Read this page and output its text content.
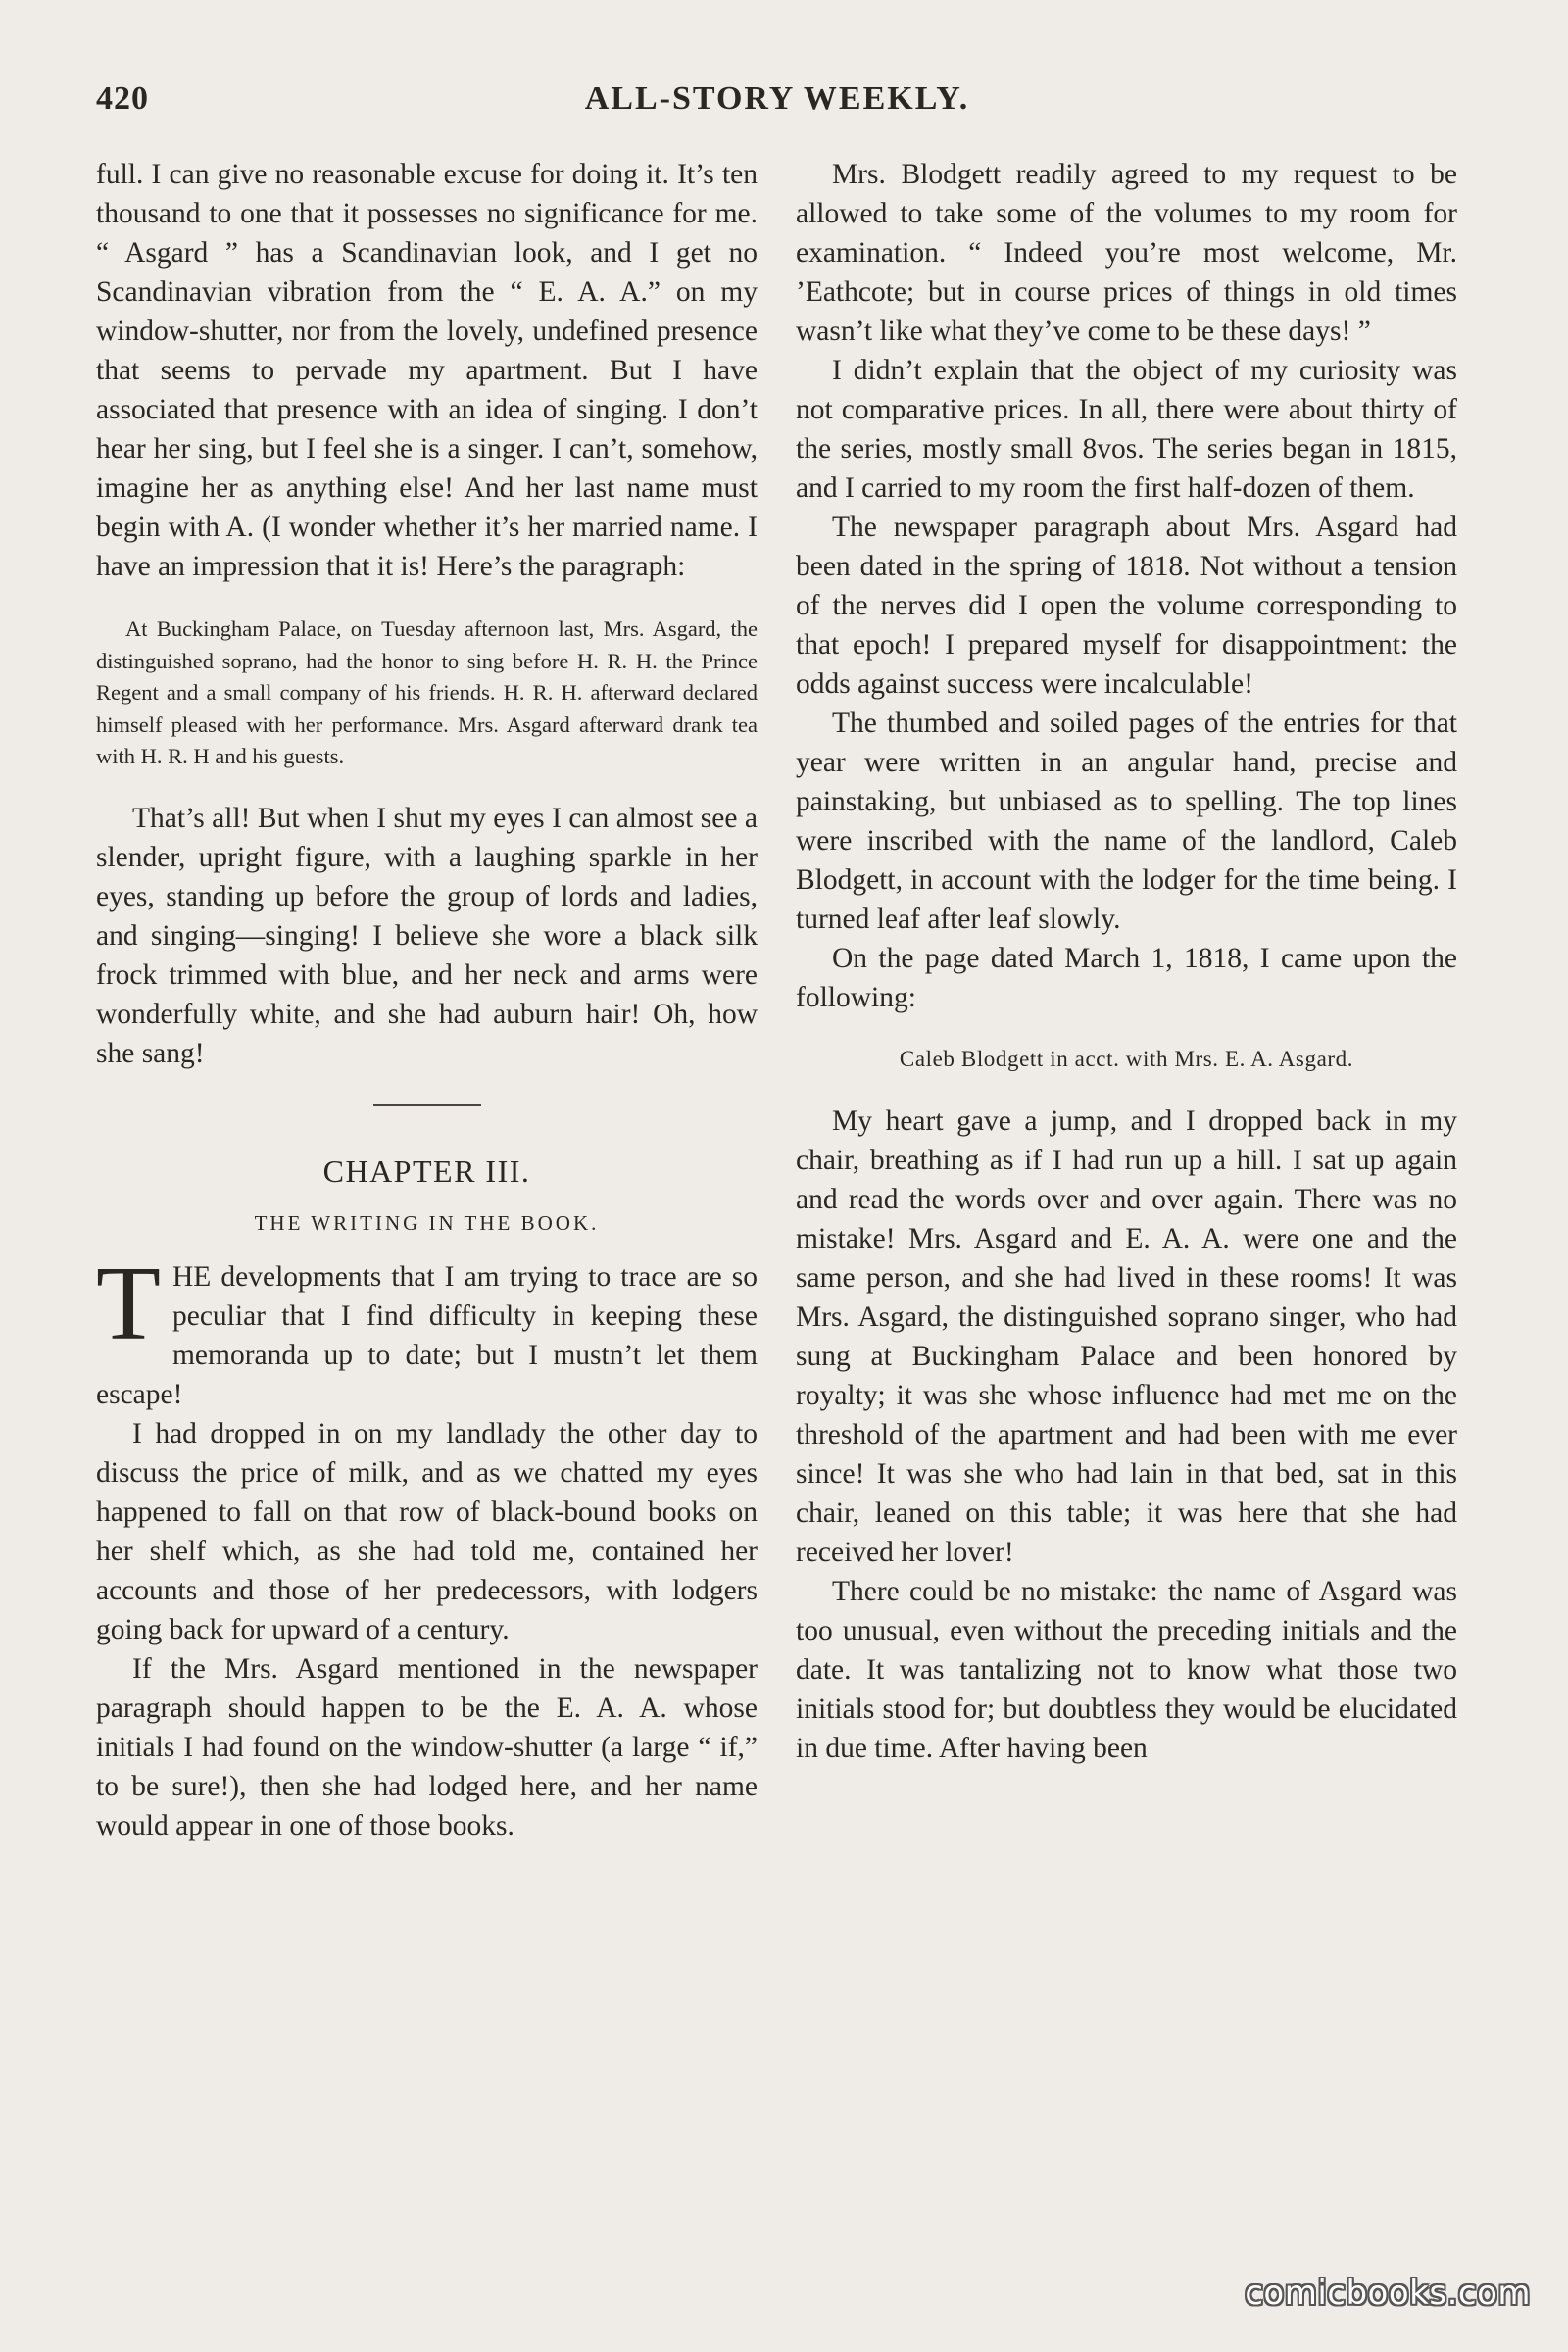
420	ALL-STORY WEEKLY.

full. I can give no reasonable excuse for doing it. It’s ten thousand to one that it possesses no significance for me. “ Asgard ” has a Scandinavian look, and I get no Scandinavian vibration from the “ E. A. A.” on my window-shutter, nor from the lovely, undefined presence that seems to pervade my apartment. But I have associated that presence with an idea of singing. I don’t hear her sing, but I feel she is a singer. I can’t, somehow, imagine her as anything else! And her last name must begin with A. (I wonder whether it’s her married name. I have an impression that it is! Here’s the paragraph:

At Buckingham Palace, on Tuesday afternoon last, Mrs. Asgard, the distinguished soprano, had the honor to sing before H. R. H. the Prince Regent and a small company of his friends. H. R. H. afterward declared himself pleased with her performance. Mrs. Asgard afterward drank tea with H. R. H and his guests.

That’s all! But when I shut my eyes I can almost see a slender, upright figure, with a laughing sparkle in her eyes, standing up before the group of lords and ladies, and singing—singing! I believe she wore a black silk frock trimmed with blue, and her neck and arms were wonderfully white, and she had auburn hair! Oh, how she sang!

CHAPTER III.
THE WRITING IN THE BOOK.

THE developments that I am trying to trace are so peculiar that I find difficulty in keeping these memoranda up to date; but I mustn’t let them escape!

I had dropped in on my landlady the other day to discuss the price of milk, and as we chatted my eyes happened to fall on that row of black-bound books on her shelf which, as she had told me, contained her accounts and those of her predecessors, with lodgers going back for upward of a century.

If the Mrs. Asgard mentioned in the newspaper paragraph should happen to be the E. A. A. whose initials I had found on the window-shutter (a large “ if,” to be sure!), then she had lodged here, and her name would appear in one of those books.

Mrs. Blodgett readily agreed to my request to be allowed to take some of the volumes to my room for examination. “ Indeed you’re most welcome, Mr. ’Eathcote; but in course prices of things in old times wasn’t like what they’ve come to be these days! ”

I didn’t explain that the object of my curiosity was not comparative prices. In all, there were about thirty of the series, mostly small 8vos. The series began in 1815, and I carried to my room the first half-dozen of them.

The newspaper paragraph about Mrs. Asgard had been dated in the spring of 1818. Not without a tension of the nerves did I open the volume corresponding to that epoch! I prepared myself for disappointment: the odds against success were incalculable!

The thumbed and soiled pages of the entries for that year were written in an angular hand, precise and painstaking, but unbiased as to spelling. The top lines were inscribed with the name of the landlord, Caleb Blodgett, in account with the lodger for the time being. I turned leaf after leaf slowly.

On the page dated March 1, 1818, I came upon the following:

Caleb Blodgett in acct. with Mrs. E. A. Asgard.

My heart gave a jump, and I dropped back in my chair, breathing as if I had run up a hill. I sat up again and read the words over and over again. There was no mistake! Mrs. Asgard and E. A. A. were one and the same person, and she had lived in these rooms! It was Mrs. Asgard, the distinguished soprano singer, who had sung at Buckingham Palace and been honored by royalty; it was she whose influence had met me on the threshold of the apartment and had been with me ever since! It was she who had lain in that bed, sat in this chair, leaned on this table; it was here that she had received her lover!

There could be no mistake: the name of Asgard was too unusual, even without the preceding initials and the date. It was tantalizing not to know what those two initials stood for; but doubtless they would be elucidated in due time. After having been

comicbooks.com
